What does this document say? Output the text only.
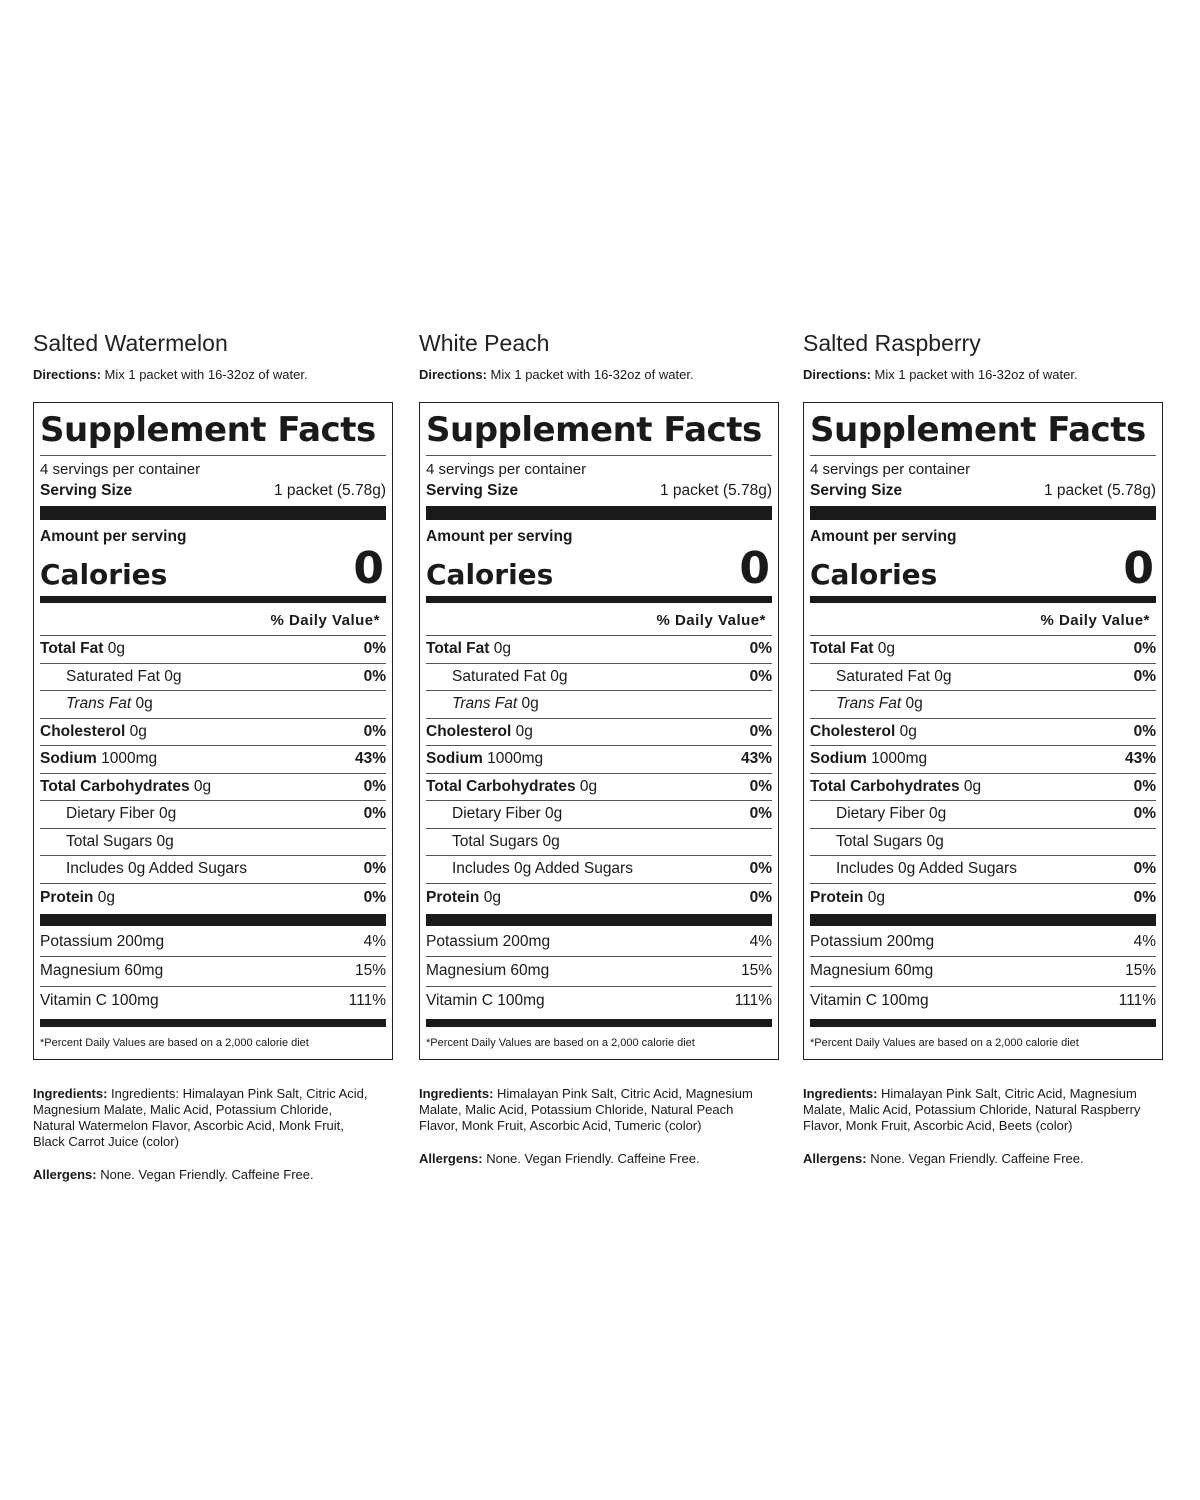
Salted Watermelon
Directions: Mix 1 packet with 16-32oz of water.
Supplement Facts
4 servings per container
Serving Size	1 packet (5.78g)
Amount per serving
Calories	0
% Daily Value*
Total Fat 0g	0%
Saturated Fat 0g	0%
Trans Fat 0g
Cholesterol 0g	0%
Sodium 1000mg	43%
Total Carbohydrates 0g	0%
Dietary Fiber 0g	0%
Total Sugars 0g
Includes 0g Added Sugars	0%
Protein 0g	0%
Potassium 200mg	4%
Magnesium 60mg	15%
Vitamin C 100mg	111%
*Percent Daily Values are based on a 2,000 calorie diet
Ingredients: Ingredients: Himalayan Pink Salt, Citric Acid, Magnesium Malate, Malic Acid, Potassium Chloride, Natural Watermelon Flavor, Ascorbic Acid, Monk Fruit, Black Carrot Juice (color)
Allergens: None. Vegan Friendly. Caffeine Free.
White Peach
Directions: Mix 1 packet with 16-32oz of water.
Supplement Facts
4 servings per container
Serving Size	1 packet (5.78g)
Amount per serving
Calories	0
% Daily Value*
Total Fat 0g	0%
Saturated Fat 0g	0%
Trans Fat 0g
Cholesterol 0g	0%
Sodium 1000mg	43%
Total Carbohydrates 0g	0%
Dietary Fiber 0g	0%
Total Sugars 0g
Includes 0g Added Sugars	0%
Protein 0g	0%
Potassium 200mg	4%
Magnesium 60mg	15%
Vitamin C 100mg	111%
*Percent Daily Values are based on a 2,000 calorie diet
Ingredients: Himalayan Pink Salt, Citric Acid, Magnesium Malate, Malic Acid, Potassium Chloride, Natural Peach Flavor, Monk Fruit, Ascorbic Acid, Tumeric (color)
Allergens: None. Vegan Friendly. Caffeine Free.
Salted Raspberry
Directions: Mix 1 packet with 16-32oz of water.
Supplement Facts
4 servings per container
Serving Size	1 packet (5.78g)
Amount per serving
Calories	0
% Daily Value*
Total Fat 0g	0%
Saturated Fat 0g	0%
Trans Fat 0g
Cholesterol 0g	0%
Sodium 1000mg	43%
Total Carbohydrates 0g	0%
Dietary Fiber 0g	0%
Total Sugars 0g
Includes 0g Added Sugars	0%
Protein 0g	0%
Potassium 200mg	4%
Magnesium 60mg	15%
Vitamin C 100mg	111%
*Percent Daily Values are based on a 2,000 calorie diet
Ingredients: Himalayan Pink Salt, Citric Acid, Magnesium Malate, Malic Acid, Potassium Chloride, Natural Raspberry Flavor, Monk Fruit, Ascorbic Acid, Beets (color)
Allergens: None. Vegan Friendly. Caffeine Free.
